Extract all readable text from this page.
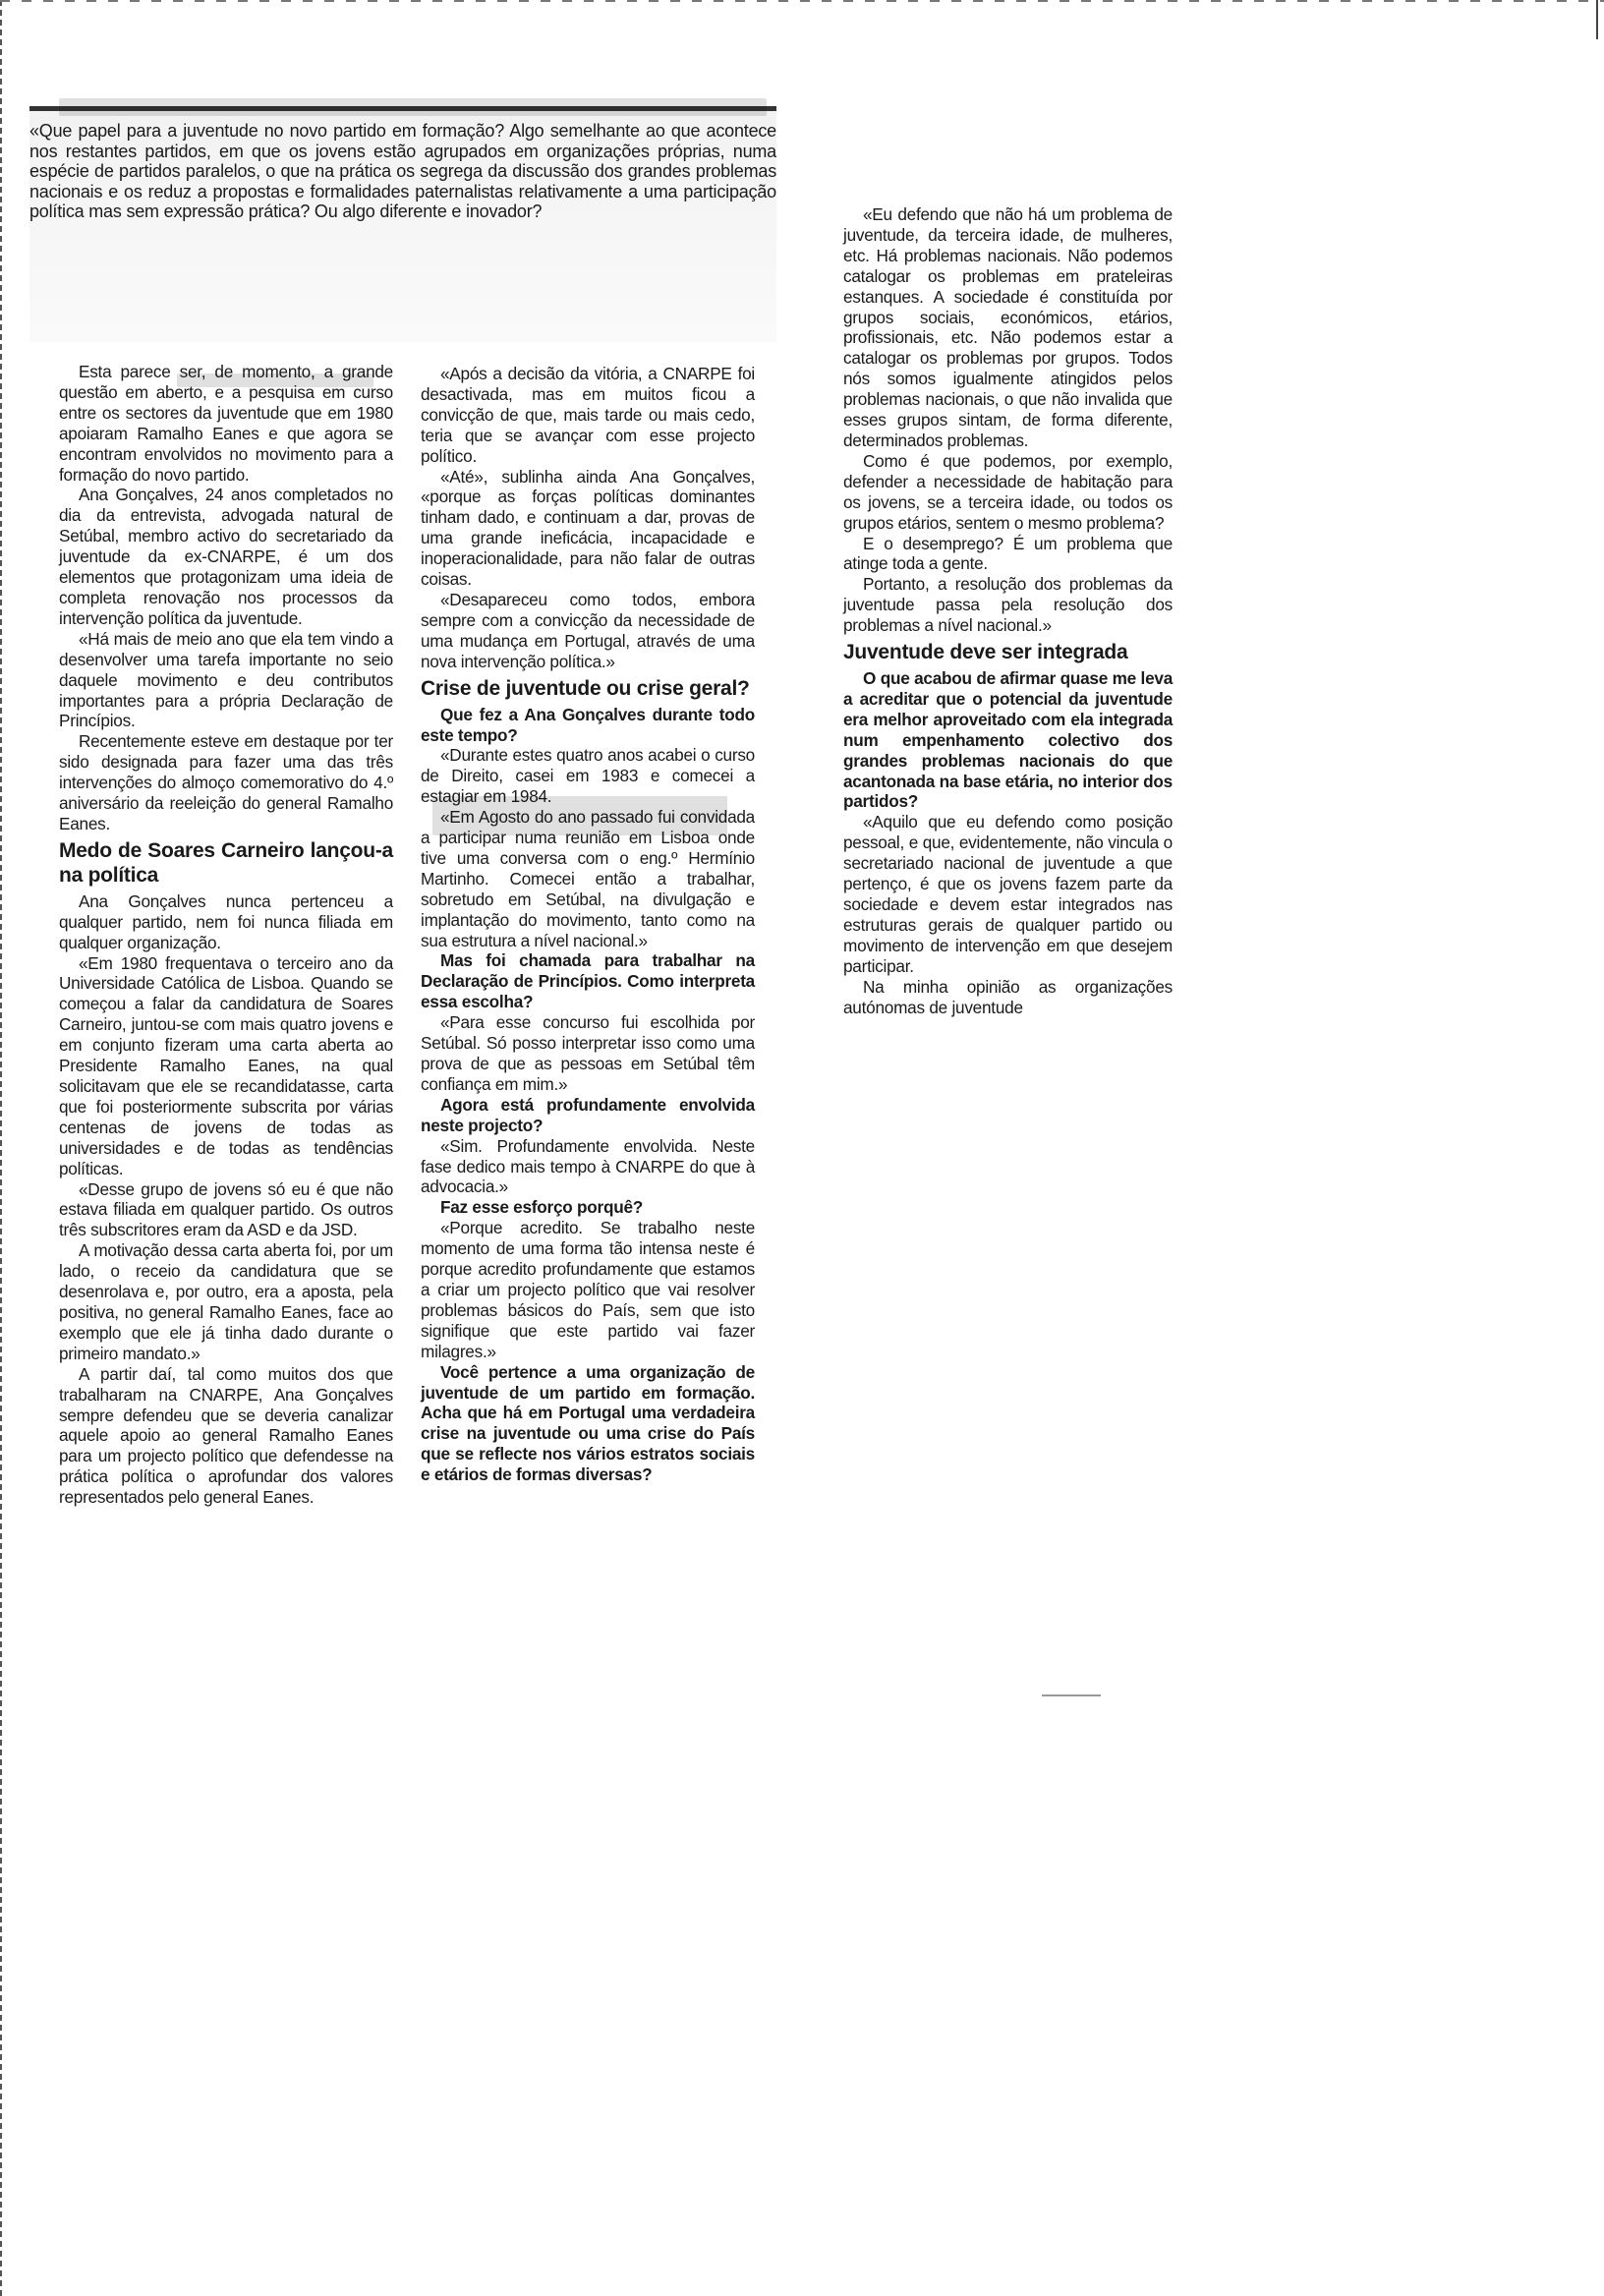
«Que papel para a juventude no novo partido em formação? Algo semelhante ao que acontece nos restantes partidos, em que os jovens estão agrupados em organizações próprias, numa espécie de partidos paralelos, o que na prática os segrega da discussão dos grandes problemas nacionais e os reduz a propostas e formalidades paternalistas relativamente a uma participação política mas sem expressão prática? Ou algo diferente e inovador?

Esta parece ser, de momento, a grande questão em aberto, e a pesquisa em curso entre os sectores da juventude que em 1980 apoiaram Ramalho Eanes e que agora se encontram envolvidos no movimento para a formação do novo partido.

Ana Gonçalves, 24 anos completados no dia da entrevista, advogada natural de Setúbal, membro activo do secretariado da juventude da ex-CNARPE, é um dos elementos que protagonizam uma ideia de completa renovação nos processos da intervenção política da juventude.

«Há mais de meio ano que ela tem vindo a desenvolver uma tarefa importante no seio daquele movimento e deu contributos importantes para a própria Declaração de Princípios.

Recentemente esteve em destaque por ter sido designada para fazer uma das três intervenções do almoço comemorativo do 4.º aniversário da reeleição do general Ramalho Eanes.

Medo de Soares Carneiro lançou-a na política

Ana Gonçalves nunca pertenceu a qualquer partido, nem foi nunca filiada em qualquer organização.

«Em 1980 frequentava o terceiro ano da Universidade Católica de Lisboa. Quando se começou a falar da candidatura de Soares Carneiro, juntou-se com mais quatro jovens e em conjunto fizeram uma carta aberta ao Presidente Ramalho Eanes, na qual solicitavam que ele se recandidatasse, carta que foi posteriormente subscrita por várias centenas de jovens de todas as universidades e de todas as tendências políticas.

«Desse grupo de jovens só eu é que não estava filiada em qualquer partido. Os outros três subscritores eram da ASD e da JSD.

A motivação dessa carta aberta foi, por um lado, o receio da candidatura que se desenrolava e, por outro, era a aposta, pela positiva, no general Ramalho Eanes, face ao exemplo que ele já tinha dado durante o primeiro mandato.»

A partir daí, tal como muitos dos que trabalharam na CNARPE, Ana Gonçalves sempre defendeu que se deveria canalizar aquele apoio ao general Ramalho Eanes para um projecto político que defendesse na prática política o aprofundar dos valores representados pelo general Eanes.

«Após a decisão da vitória, a CNARPE foi desactivada, mas em muitos ficou a convicção de que, mais tarde ou mais cedo, teria que se avançar com esse projecto político.

«Até», sublinha ainda Ana Gonçalves, «porque as forças políticas dominantes tinham dado, e continuam a dar, provas de uma grande ineficácia, incapacidade e inoperacionalidade, para não falar de outras coisas.

«Desapareceu como todos, embora sempre com a convicção da necessidade de uma mudança em Portugal, através de uma nova intervenção política.»

Crise de juventude ou crise geral?

Que fez a Ana Gonçalves durante todo este tempo?

«Durante estes quatro anos acabei o curso de Direito, casei em 1983 e comecei a estagiar em 1984.

«Em Agosto do ano passado fui convidada a participar numa reunião em Lisboa onde tive uma conversa com o eng.º Hermínio Martinho. Comecei então a trabalhar, sobretudo em Setúbal, na divulgação e implantação do movimento, tanto como na sua estrutura a nível nacional.»

Mas foi chamada para trabalhar na Declaração de Princípios. Como interpreta essa escolha?

«Para esse concurso fui escolhida por Setúbal. Só posso interpretar isso como uma prova de que as pessoas em Setúbal têm confiança em mim.»

Agora está profundamente envolvida neste projecto?

«Sim. Profundamente envolvida. Neste fase dedico mais tempo à CNARPE do que à advocacia.»

Faz esse esforço porquê?

«Porque acredito. Se trabalho neste momento de uma forma tão intensa neste é porque acredito profundamente que estamos a criar um projecto político que vai resolver problemas básicos do País, sem que isto signifique que este partido vai fazer milagres.»

Você pertence a uma organização de juventude de um partido em formação. Acha que há em Portugal uma verdadeira crise na juventude ou uma crise do País que se reflecte nos vários estratos sociais e etários de formas diversas?

«Eu defendo que não há um problema de juventude, da terceira idade, de mulheres, etc. Há problemas nacionais. Não podemos catalogar os problemas em prateleiras estanques. A sociedade é constituída por grupos sociais, económicos, etários, profissionais, etc. Não podemos estar a catalogar os problemas por grupos. Todos nós somos igualmente atingidos pelos problemas nacionais, o que não invalida que esses grupos sintam, de forma diferente, determinados problemas.

Como é que podemos, por exemplo, defender a necessidade de habitação para os jovens, se a terceira idade, ou todos os grupos etários, sentem o mesmo problema?

E o desemprego? É um problema que atinge toda a gente.

Portanto, a resolução dos problemas da juventude passa pela resolução dos problemas a nível nacional.»

Juventude deve ser integrada

O que acabou de afirmar quase me leva a acreditar que o potencial da juventude era melhor aproveitado com ela integrada num empenhamento colectivo dos grandes problemas nacionais do que acantonada na base etária, no interior dos partidos?

«Aquilo que eu defendo como posição pessoal, e que, evidentemente, não vincula o secretariado nacional de juventude a que pertenço, é que os jovens fazem parte da sociedade e devem estar integrados nas estruturas gerais de qualquer partido ou movimento de intervenção em que desejem participar.

Na minha opinião as organizações autónomas de juventude
